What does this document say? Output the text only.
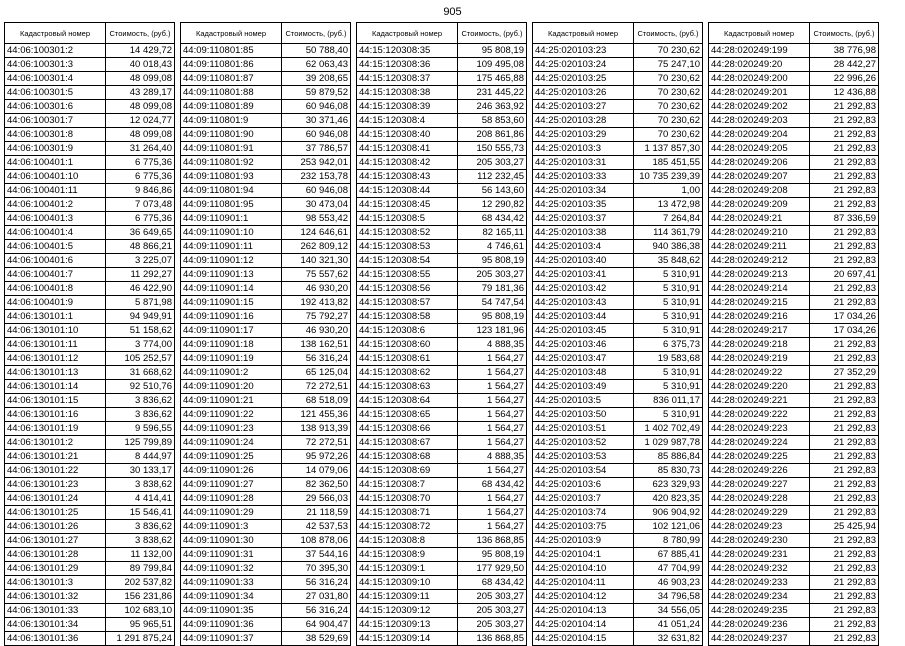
905
Кадастровый номер	Стоимость, (руб.)
44:06:100301:2	14 429,72
44:06:100301:3	40 018,43
44:06:100301:4	48 099,08
44:06:100301:5	43 289,17
44:06:100301:6	48 099,08
44:06:100301:7	12 024,77
44:06:100301:8	48 099,08
44:06:100301:9	31 264,40
44:06:100401:1	6 775,36
44:06:100401:10	6 775,36
44:06:100401:11	9 846,86
44:06:100401:2	7 073,48
44:06:100401:3	6 775,36
44:06:100401:4	36 649,65
44:06:100401:5	48 866,21
44:06:100401:6	3 225,07
44:06:100401:7	11 292,27
44:06:100401:8	46 422,90
44:06:100401:9	5 871,98
44:06:130101:1	94 949,91
44:06:130101:10	51 158,62
44:06:130101:11	3 774,00
44:06:130101:12	105 252,57
44:06:130101:13	31 668,62
44:06:130101:14	92 510,76
44:06:130101:15	3 836,62
44:06:130101:16	3 836,62
44:06:130101:19	9 596,55
44:06:130101:2	125 799,89
44:06:130101:21	8 444,97
44:06:130101:22	30 133,17
44:06:130101:23	3 838,62
44:06:130101:24	4 414,41
44:06:130101:25	15 546,41
44:06:130101:26	3 836,62
44:06:130101:27	3 838,62
44:06:130101:28	11 132,00
44:06:130101:29	89 799,84
44:06:130101:3	202 537,82
44:06:130101:32	156 231,86
44:06:130101:33	102 683,10
44:06:130101:34	95 965,51
44:06:130101:36	1 291 875,24
Кадастровый номер	Стоимость, (руб.)
44:09:110801:85	50 788,40
44:09:110801:86	62 063,43
44:09:110801:87	39 208,65
44:09:110801:88	59 879,52
44:09:110801:89	60 946,08
44:09:110801:9	30 371,46
44:09:110801:90	60 946,08
44:09:110801:91	37 786,57
44:09:110801:92	253 942,01
44:09:110801:93	232 153,78
44:09:110801:94	60 946,08
44:09:110801:95	30 473,04
44:09:110901:1	98 553,42
44:09:110901:10	124 646,61
44:09:110901:11	262 809,12
44:09:110901:12	140 321,30
44:09:110901:13	75 557,62
44:09:110901:14	46 930,20
44:09:110901:15	192 413,82
44:09:110901:16	75 792,27
44:09:110901:17	46 930,20
44:09:110901:18	138 162,51
44:09:110901:19	56 316,24
44:09:110901:2	65 125,04
44:09:110901:20	72 272,51
44:09:110901:21	68 518,09
44:09:110901:22	121 455,36
44:09:110901:23	138 913,39
44:09:110901:24	72 272,51
44:09:110901:25	95 972,26
44:09:110901:26	14 079,06
44:09:110901:27	82 362,50
44:09:110901:28	29 566,03
44:09:110901:29	21 118,59
44:09:110901:3	42 537,53
44:09:110901:30	108 878,06
44:09:110901:31	37 544,16
44:09:110901:32	70 395,30
44:09:110901:33	56 316,24
44:09:110901:34	27 031,80
44:09:110901:35	56 316,24
44:09:110901:36	64 904,47
44:09:110901:37	38 529,69
Кадастровый номер	Стоимость, (руб.)
44:15:120308:35	95 808,19
44:15:120308:36	109 495,08
44:15:120308:37	175 465,88
44:15:120308:38	231 445,22
44:15:120308:39	246 363,92
44:15:120308:4	58 853,60
44:15:120308:40	208 861,86
44:15:120308:41	150 555,73
44:15:120308:42	205 303,27
44:15:120308:43	112 232,45
44:15:120308:44	56 143,60
44:15:120308:45	12 290,82
44:15:120308:5	68 434,42
44:15:120308:52	82 165,11
44:15:120308:53	4 746,61
44:15:120308:54	95 808,19
44:15:120308:55	205 303,27
44:15:120308:56	79 181,36
44:15:120308:57	54 747,54
44:15:120308:58	95 808,19
44:15:120308:6	123 181,96
44:15:120308:60	4 888,35
44:15:120308:61	1 564,27
44:15:120308:62	1 564,27
44:15:120308:63	1 564,27
44:15:120308:64	1 564,27
44:15:120308:65	1 564,27
44:15:120308:66	1 564,27
44:15:120308:67	1 564,27
44:15:120308:68	4 888,35
44:15:120308:69	1 564,27
44:15:120308:7	68 434,42
44:15:120308:70	1 564,27
44:15:120308:71	1 564,27
44:15:120308:72	1 564,27
44:15:120308:8	136 868,85
44:15:120308:9	95 808,19
44:15:120309:1	177 929,50
44:15:120309:10	68 434,42
44:15:120309:11	205 303,27
44:15:120309:12	205 303,27
44:15:120309:13	205 303,27
44:15:120309:14	136 868,85
Кадастровый номер	Стоимость, (руб.)
44:25:020103:23	70 230,62
44:25:020103:24	75 247,10
44:25:020103:25	70 230,62
44:25:020103:26	70 230,62
44:25:020103:27	70 230,62
44:25:020103:28	70 230,62
44:25:020103:29	70 230,62
44:25:020103:3	1 137 857,30
44:25:020103:31	185 451,55
44:25:020103:33	10 735 239,39
44:25:020103:34	1,00
44:25:020103:35	13 472,98
44:25:020103:37	7 264,84
44:25:020103:38	114 361,79
44:25:020103:4	940 386,38
44:25:020103:40	35 848,62
44:25:020103:41	5 310,91
44:25:020103:42	5 310,91
44:25:020103:43	5 310,91
44:25:020103:44	5 310,91
44:25:020103:45	5 310,91
44:25:020103:46	6 375,73
44:25:020103:47	19 583,68
44:25:020103:48	5 310,91
44:25:020103:49	5 310,91
44:25:020103:5	836 011,17
44:25:020103:50	5 310,91
44:25:020103:51	1 402 702,49
44:25:020103:52	1 029 987,78
44:25:020103:53	85 886,84
44:25:020103:54	85 830,73
44:25:020103:6	623 329,93
44:25:020103:7	420 823,35
44:25:020103:74	906 904,92
44:25:020103:75	102 121,06
44:25:020103:9	8 780,99
44:25:020104:1	67 885,41
44:25:020104:10	47 704,99
44:25:020104:11	46 903,23
44:25:020104:12	34 796,58
44:25:020104:13	34 556,05
44:25:020104:14	41 051,24
44:25:020104:15	32 631,82
Кадастровый номер	Стоимость, (руб.)
44:28:020249:199	38 776,98
44:28:020249:20	28 442,27
44:28:020249:200	22 996,26
44:28:020249:201	12 436,88
44:28:020249:202	21 292,83
44:28:020249:203	21 292,83
44:28:020249:204	21 292,83
44:28:020249:205	21 292,83
44:28:020249:206	21 292,83
44:28:020249:207	21 292,83
44:28:020249:208	21 292,83
44:28:020249:209	21 292,83
44:28:020249:21	87 336,59
44:28:020249:210	21 292,83
44:28:020249:211	21 292,83
44:28:020249:212	21 292,83
44:28:020249:213	20 697,41
44:28:020249:214	21 292,83
44:28:020249:215	21 292,83
44:28:020249:216	17 034,26
44:28:020249:217	17 034,26
44:28:020249:218	21 292,83
44:28:020249:219	21 292,83
44:28:020249:22	27 352,29
44:28:020249:220	21 292,83
44:28:020249:221	21 292,83
44:28:020249:222	21 292,83
44:28:020249:223	21 292,83
44:28:020249:224	21 292,83
44:28:020249:225	21 292,83
44:28:020249:226	21 292,83
44:28:020249:227	21 292,83
44:28:020249:228	21 292,83
44:28:020249:229	21 292,83
44:28:020249:23	25 425,94
44:28:020249:230	21 292,83
44:28:020249:231	21 292,83
44:28:020249:232	21 292,83
44:28:020249:233	21 292,83
44:28:020249:234	21 292,83
44:28:020249:235	21 292,83
44:28:020249:236	21 292,83
44:28:020249:237	21 292,83
